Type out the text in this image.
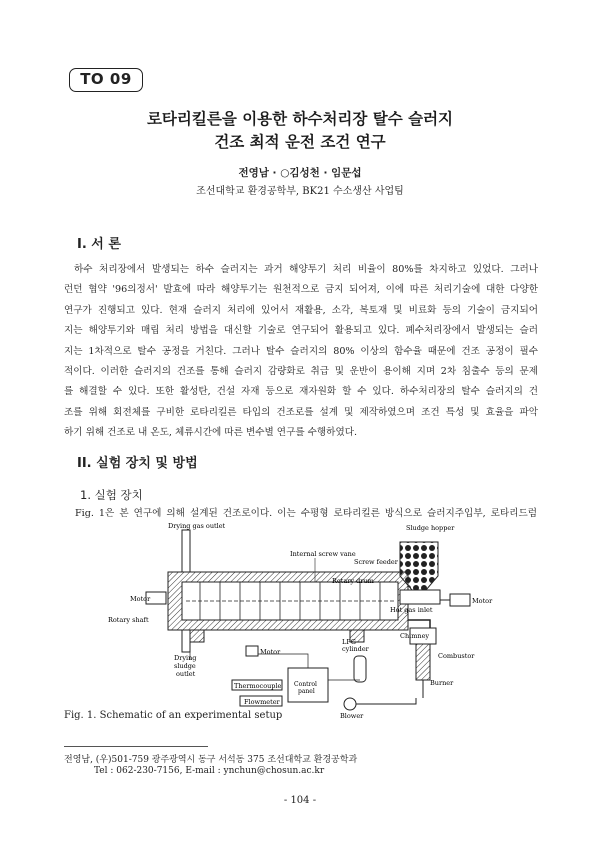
TO 09
로타리킬른을 이용한 하수처리장 탈수 슬러지
건조 최적 운전 조건 연구
전영남 · ○김성천 · 임문섭
조선대학교 환경공학부, BK21 수소생산 사업팀
I. 서 론
하수 처리장에서 발생되는 하수 슬러지는 과거 해양투기 처리 비율이 80%를 차지하고 있었다. 그러나
런던 협약 '96의정서' 발효에 따라 해양투기는 원천적으로 금지 되어져, 이에 따른 처리기술에 대한 다양한
연구가 진행되고 있다. 현재 슬러지 처리에 있어서 재활용, 소각, 복토재 및 비료화 등의 기술이 금지되어
지는 해양투기와 매립 처리 방법을 대신할 기술로 연구되어 활용되고 있다. 폐수처리장에서 발생되는 슬러
지는 1차적으로 탈수 공정을 거친다. 그러나 탈수 슬러지의 80% 이상의 함수율 때문에 건조 공정이 필수
적이다. 이러한 슬러지의 건조를 통해 슬러지 감량화로 취급 및 운반이 용이해 지며 2차 침출수 등의 문제
를 해결할 수 있다. 또한 활성탄, 건설 자재 등으로 재자원화 할 수 있다. 하수처리장의 탈수 슬러지의 건
조를 위해 회전체를 구비한 로타리킬른 타입의 건조로를 설계 및 제작하였으며 조건 특성 및 효율을 파악
하기 위해 건조로 내 온도, 체류시간에 따른 변수별 연구를 수행하였다.
II. 실험 장치 및 방법
1. 실험 장치
Fig. 1은 본 연구에 의해 설계된 건조로이다. 이는 수평형 로타리킬른 방식으로 슬러지주입부, 로타리드럼
Drying gas outlet
Internal screw vane
Rotary drum
Sludge hopper
Screw feeder
Motor	Motor
Rotary shaft
Hot gas inlet
Drying sludge outlet
Chimney
Combustor
Burner
LPG cylinder
Motor
Control panel
Thermocouple
Flowmeter
Blower
Fig. 1. Schematic of an experimental setup
전영남, (우)501-759 광주광역시 동구 서석동 375 조선대학교 환경공학과
Tel : 062-230-7156, E-mail : ynchun@chosun.ac.kr
- 104 -
